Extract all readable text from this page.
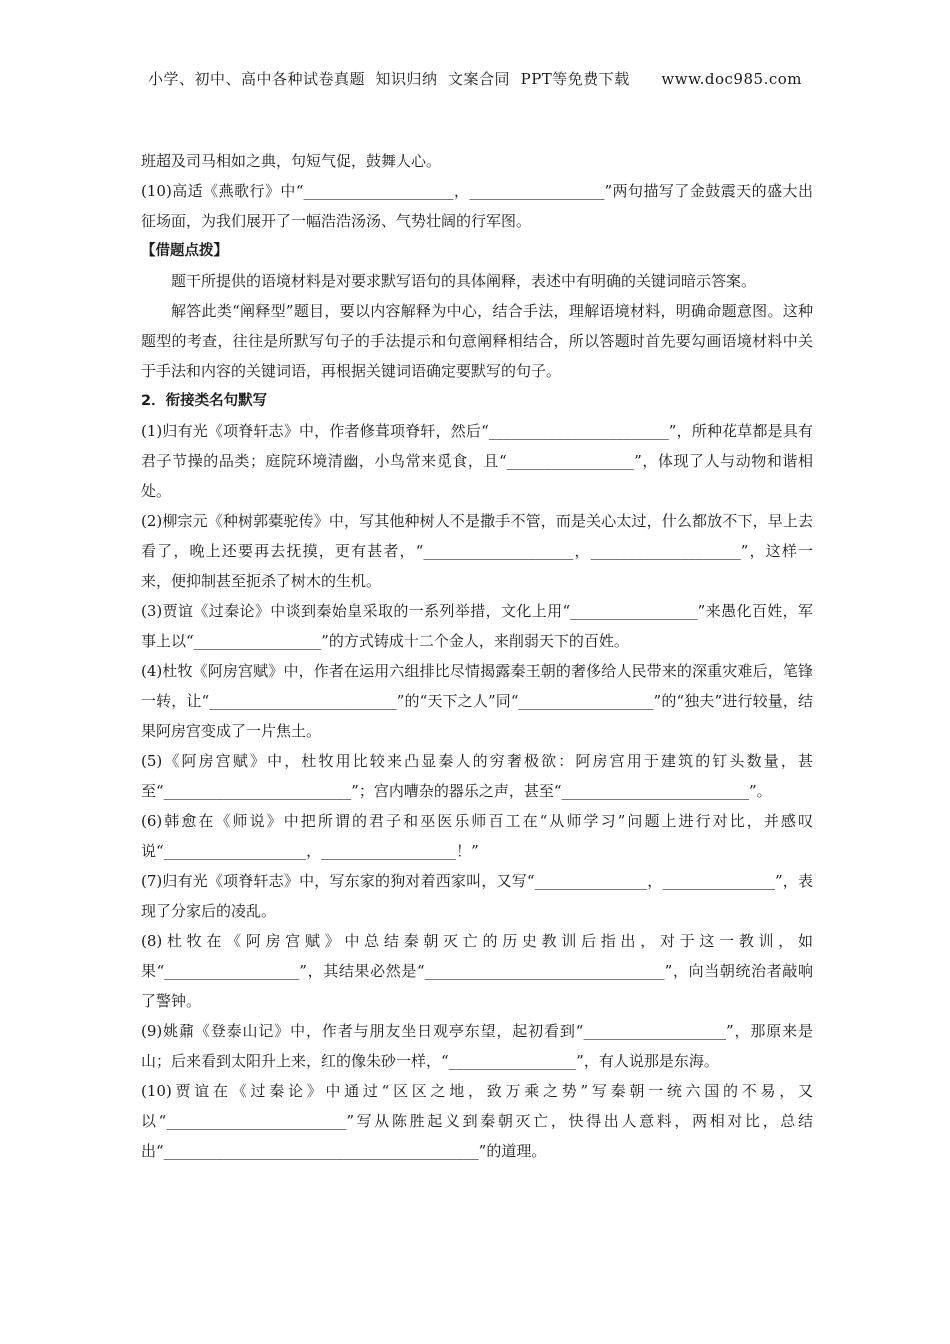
小学、初中、高中各种试卷真题  知识归纳  文案合同  PPT等免费下载      www.doc985.com

班超及司马相如之典，句短气促，鼓舞人心。

(10)高适《燕歌行》中“____________________，__________________”两句描写了金鼓震天的盛大出征场面，为我们展开了一幅浩浩汤汤、气势壮阔的行军图。

【借题点拨】

题干所提供的语境材料是对要求默写语句的具体阐释，表述中有明确的关键词暗示答案。

解答此类“阐释型”题目，要以内容解释为中心，结合手法，理解语境材料，明确命题意图。这种题型的考查，往往是所默写句子的手法提示和句意阐释相结合，所以答题时首先要勾画语境材料中关于手法和内容的关键词语，再根据关键词语确定要默写的句子。

2．衔接类名句默写

(1)归有光《项脊轩志》中，作者修葺项脊轩，然后“________________________”，所种花草都是具有君子节操的品类；庭院环境清幽，小鸟常来觅食，且“_________________”，体现了人与动物和谐相处。

(2)柳宗元《种树郭橐驼传》中，写其他种树人不是撒手不管，而是关心太过，什么都放不下，早上去看了，晚上还要再去抚摸，更有甚者，“____________________，____________________”，这样一来，便抑制甚至扼杀了树木的生机。

(3)贾谊《过秦论》中谈到秦始皇采取的一系列举措，文化上用“_________________”来愚化百姓，军事上以“_________________”的方式铸成十二个金人，来削弱天下的百姓。

(4)杜牧《阿房宫赋》中，作者在运用六组排比尽情揭露秦王朝的奢侈给人民带来的深重灾难后，笔锋一转，让“_________________________”的“天下之人”同“__________________”的“独夫”进行较量，结果阿房宫变成了一片焦土。

(5)《阿房宫赋》中，杜牧用比较来凸显秦人的穷奢极欲：阿房宫用于建筑的钉头数量，甚至“_________________________”；宫内嘈杂的器乐之声，甚至“_________________________”。

(6)韩愈在《师说》中把所谓的君子和巫医乐师百工在“从师学习”问题上进行对比，并感叹说“___________________，__________________！”

(7)归有光《项脊轩志》中，写东家的狗对着西家叫，又写“_______________，_______________”，表现了分家后的凌乱。

(8)杜牧在《阿房宫赋》中总结秦朝灭亡的历史教训后指出，对于这一教训，如果“__________________”，其结果必然是“________________________________”，向当朝统治者敲响了警钟。

(9)姚鼐《登泰山记》中，作者与朋友坐日观亭东望，起初看到“___________________”，那原来是山；后来看到太阳升上来，红的像朱砂一样，“_________________”，有人说那是东海。

(10)贾谊在《过秦论》中通过“区区之地，致万乘之势”写秦朝一统六国的不易，又以“________________________”写从陈胜起义到秦朝灭亡，快得出人意料，两相对比，总结出“__________________________________________”的道理。
